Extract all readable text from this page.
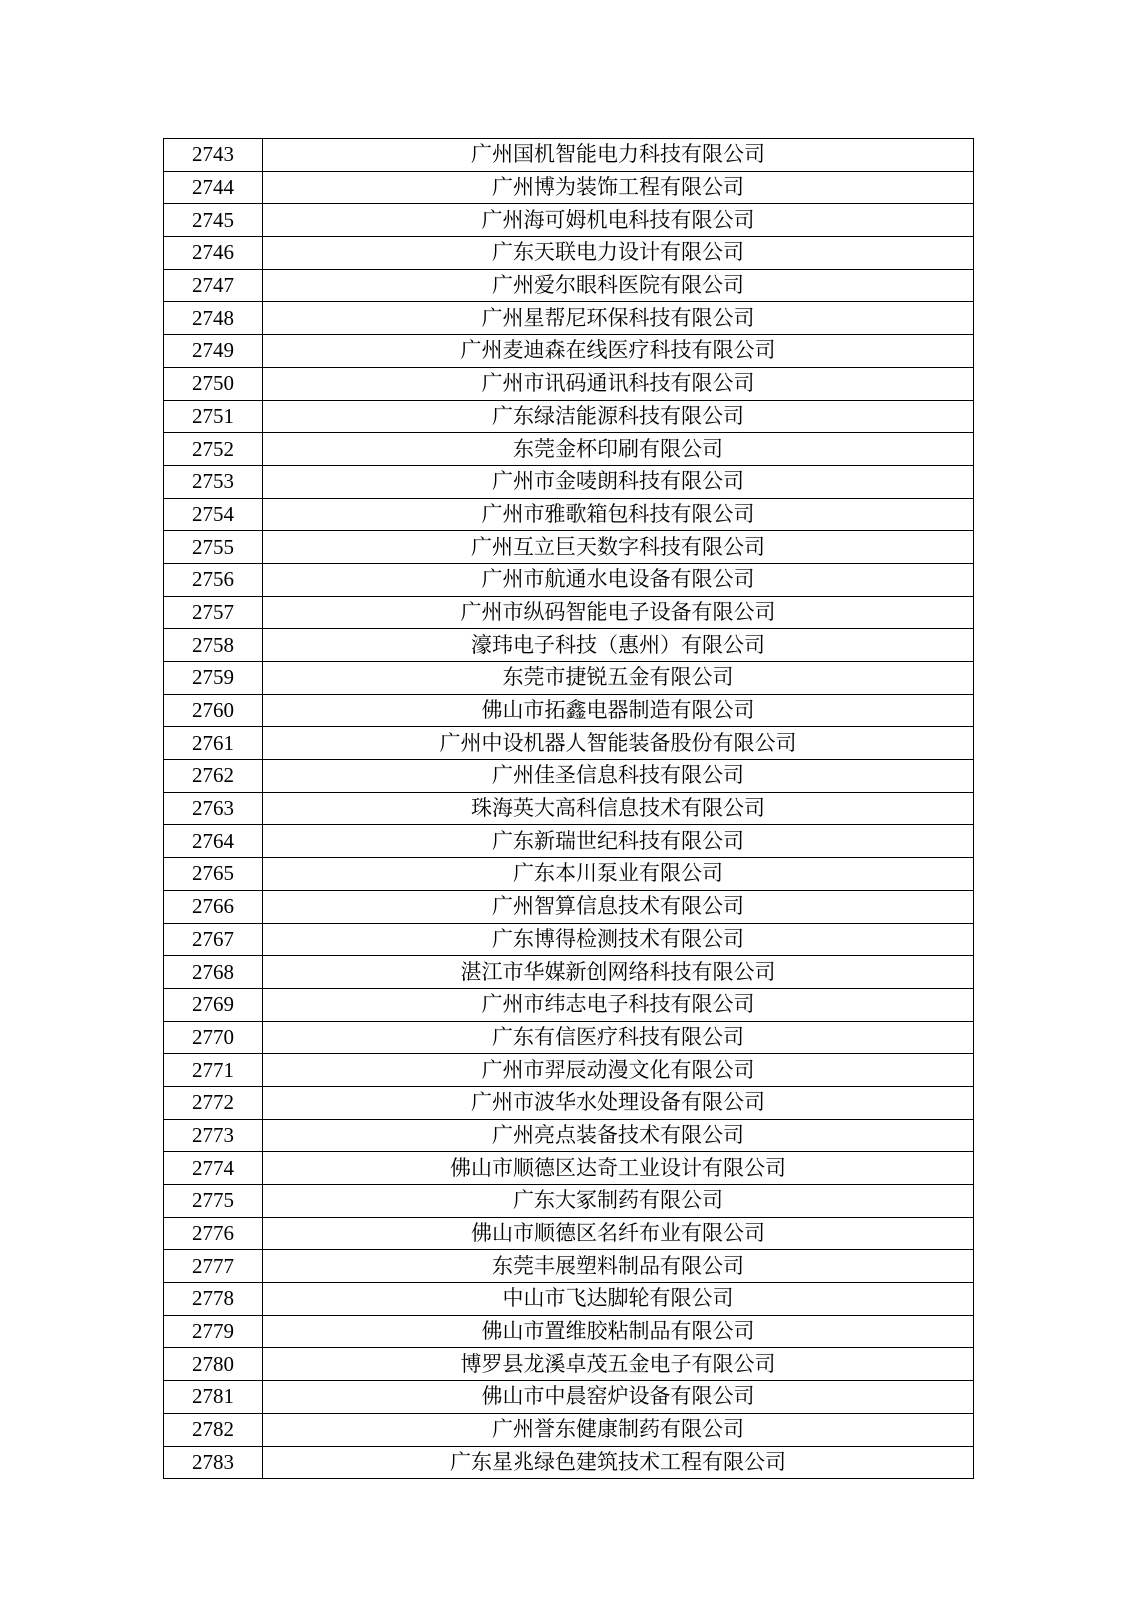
2743	广州国机智能电力科技有限公司
2744	广州博为装饰工程有限公司
2745	广州海可姆机电科技有限公司
2746	广东天联电力设计有限公司
2747	广州爱尔眼科医院有限公司
2748	广州星帮尼环保科技有限公司
2749	广州麦迪森在线医疗科技有限公司
2750	广州市讯码通讯科技有限公司
2751	广东绿洁能源科技有限公司
2752	东莞金杯印刷有限公司
2753	广州市金唛朗科技有限公司
2754	广州市雅歌箱包科技有限公司
2755	广州互立巨天数字科技有限公司
2756	广州市航通水电设备有限公司
2757	广州市纵码智能电子设备有限公司
2758	濠玮电子科技（惠州）有限公司
2759	东莞市捷锐五金有限公司
2760	佛山市拓鑫电器制造有限公司
2761	广州中设机器人智能装备股份有限公司
2762	广州佳圣信息科技有限公司
2763	珠海英大高科信息技术有限公司
2764	广东新瑞世纪科技有限公司
2765	广东本川泵业有限公司
2766	广州智算信息技术有限公司
2767	广东博得检测技术有限公司
2768	湛江市华媒新创网络科技有限公司
2769	广州市纬志电子科技有限公司
2770	广东有信医疗科技有限公司
2771	广州市羿辰动漫文化有限公司
2772	广州市波华水处理设备有限公司
2773	广州亮点装备技术有限公司
2774	佛山市顺德区达奇工业设计有限公司
2775	广东大冢制药有限公司
2776	佛山市顺德区名纤布业有限公司
2777	东莞丰展塑料制品有限公司
2778	中山市飞达脚轮有限公司
2779	佛山市置维胶粘制品有限公司
2780	博罗县龙溪卓茂五金电子有限公司
2781	佛山市中晨窑炉设备有限公司
2782	广州誉东健康制药有限公司
2783	广东星兆绿色建筑技术工程有限公司
